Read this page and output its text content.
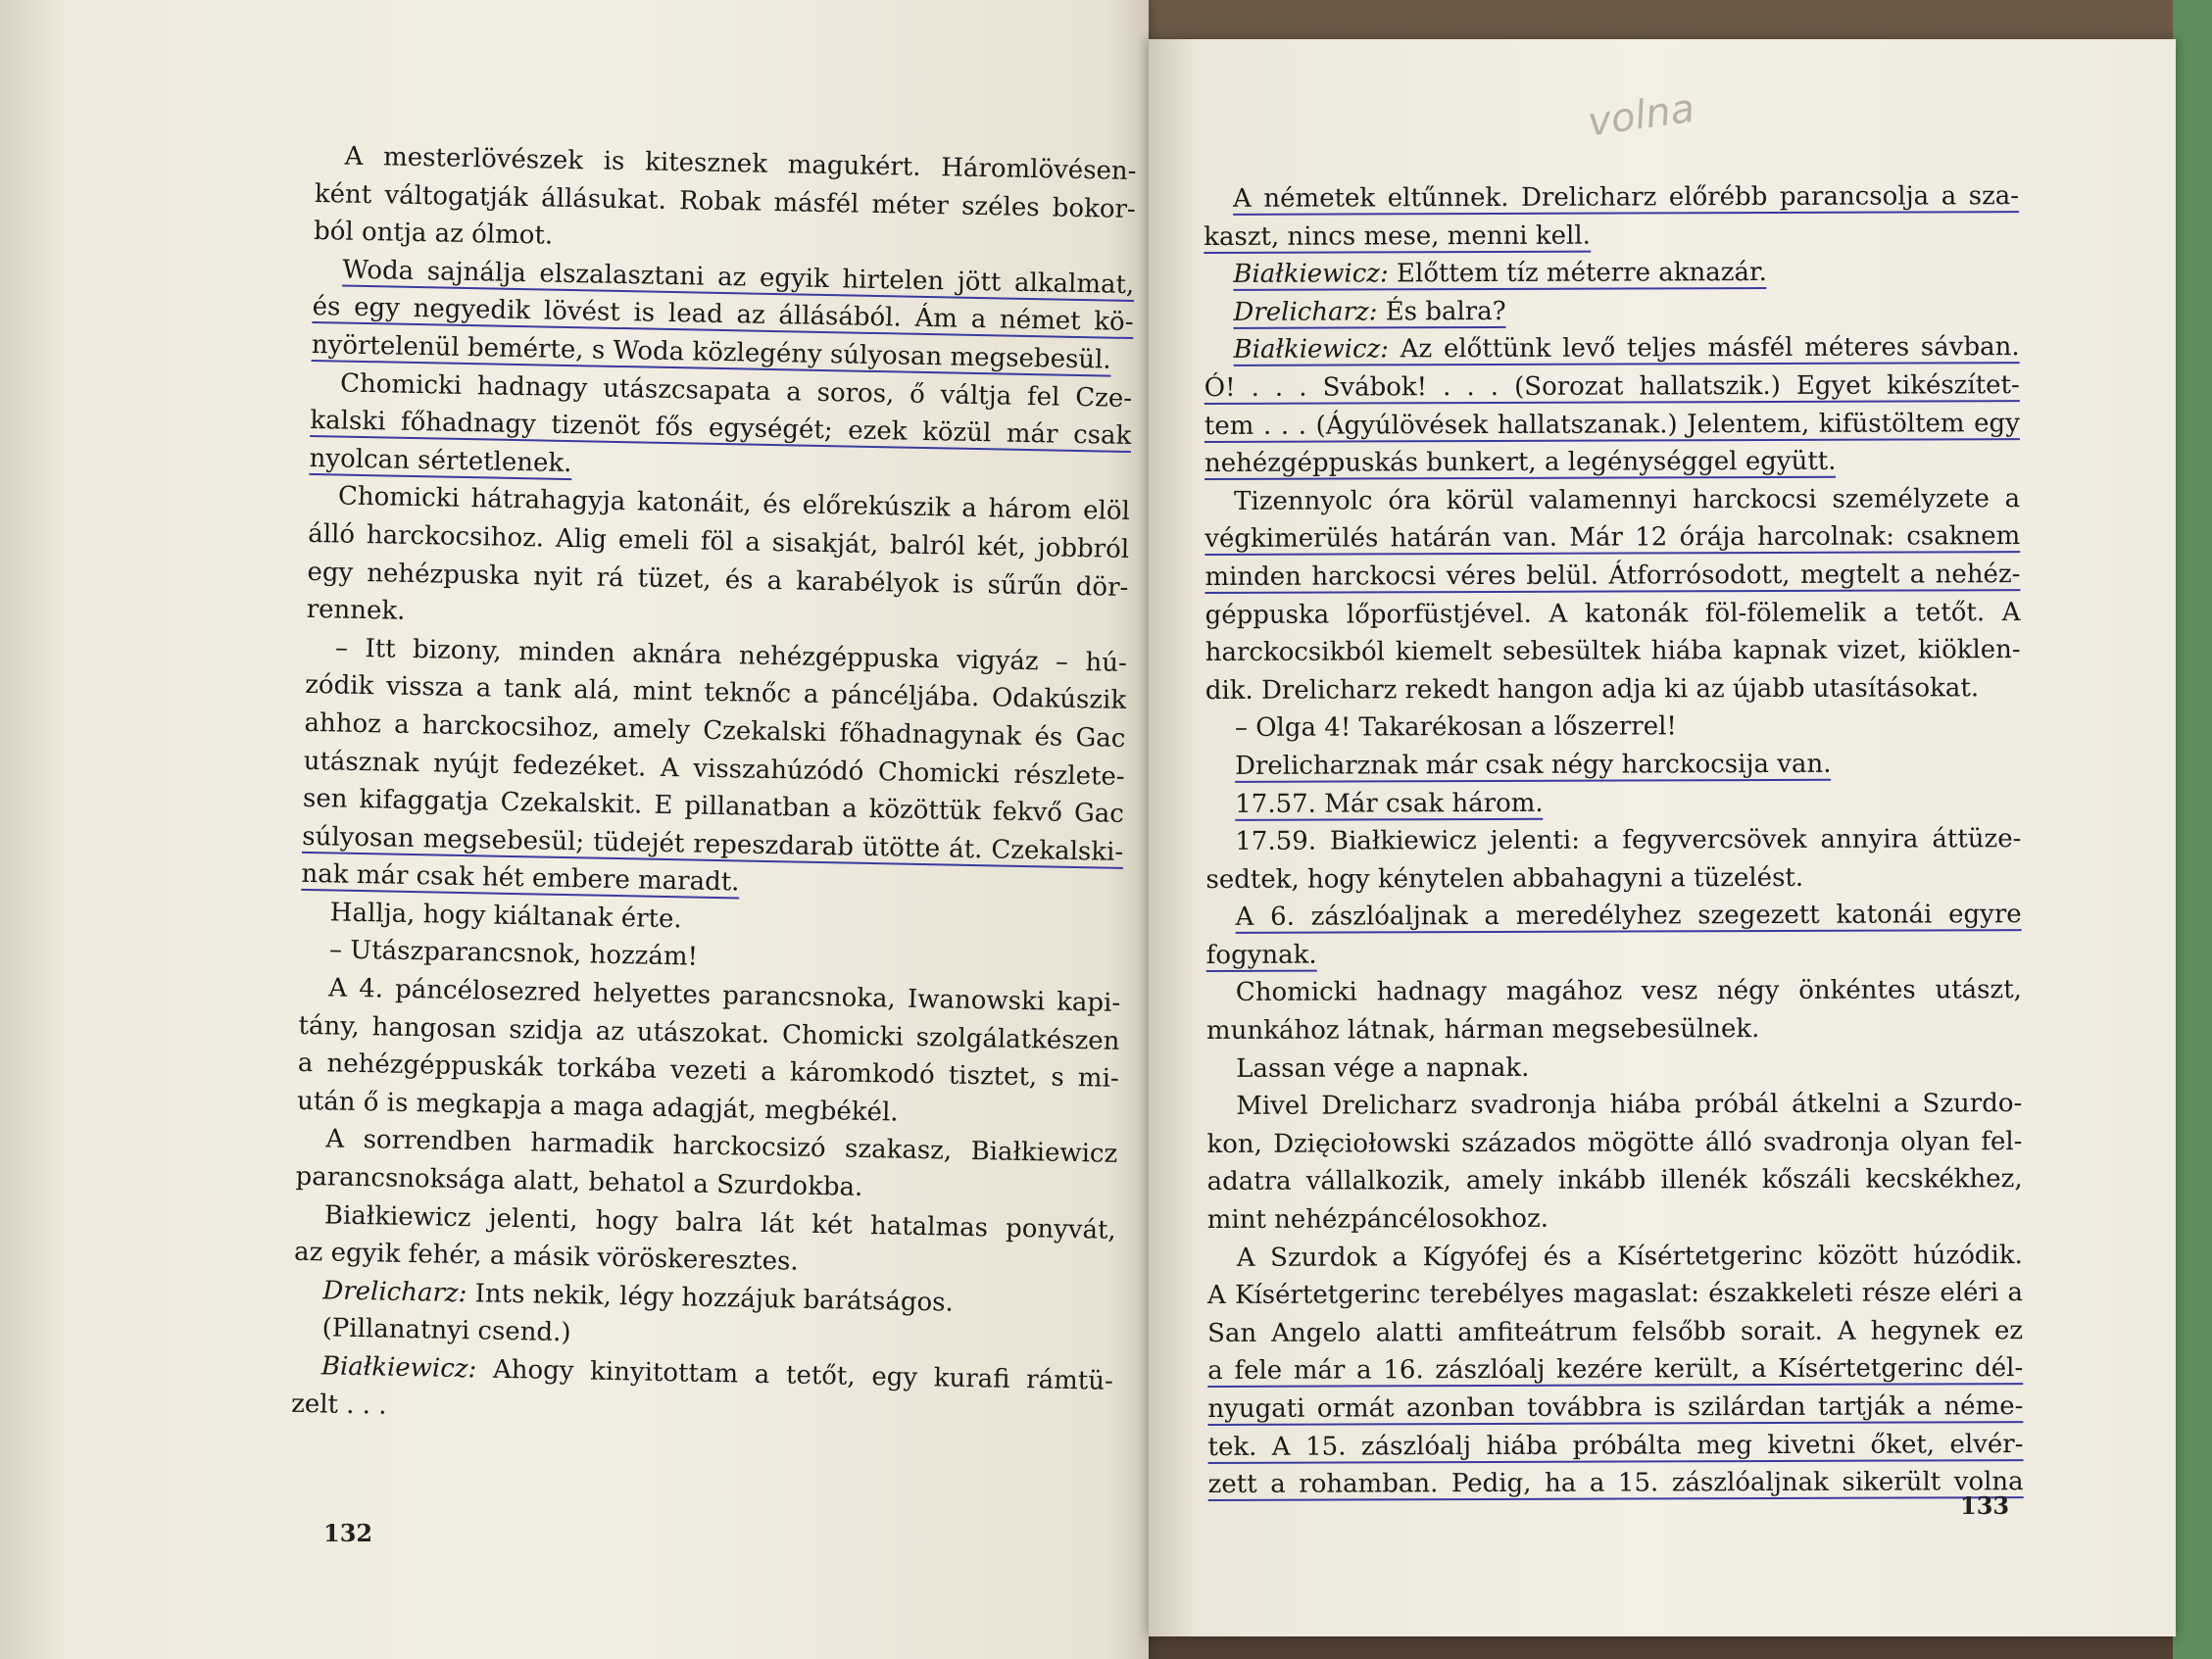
A mesterlövészek is kitesznek magukért. Háromlövésen-
ként váltogatják állásukat. Robak másfél méter széles bokor-
ból ontja az ólmot.
Woda sajnálja elszalasztani az egyik hirtelen jött alkalmat,
és egy negyedik lövést is lead az állásából. Ám a német kö-
nyörtelenül bemérte, s Woda közlegény súlyosan megsebesül.
Chomicki hadnagy utászcsapata a soros, ő váltja fel Cze-
kalski főhadnagy tizenöt fős egységét; ezek közül már csak
nyolcan sértetlenek.
Chomicki hátrahagyja katonáit, és előrekúszik a három elöl
álló harckocsihoz. Alig emeli föl a sisakját, balról két, jobbról
egy nehézpuska nyit rá tüzet, és a karabélyok is sűrűn dör-
rennek.
– Itt bizony, minden aknára nehézgéppuska vigyáz – hú-
zódik vissza a tank alá, mint teknőc a páncéljába. Odakúszik
ahhoz a harckocsihoz, amely Czekalski főhadnagynak és Gac
utásznak nyújt fedezéket. A visszahúzódó Chomicki részlete-
sen kifaggatja Czekalskit. E pillanatban a közöttük fekvő Gac
súlyosan megsebesül; tüdejét repeszdarab ütötte át. Czekalski-
nak már csak hét embere maradt.
Hallja, hogy kiáltanak érte.
– Utászparancsnok, hozzám!
A 4. páncélosezred helyettes parancsnoka, Iwanowski kapi-
tány, hangosan szidja az utászokat. Chomicki szolgálatkészen
a nehézgéppuskák torkába vezeti a káromkodó tisztet, s mi-
után ő is megkapja a maga adagját, megbékél.
A sorrendben harmadik harckocsizó szakasz, Białkiewicz
parancsnoksága alatt, behatol a Szurdokba.
Białkiewicz jelenti, hogy balra lát két hatalmas ponyvát,
az egyik fehér, a másik vöröskeresztes.
Drelicharz: Ints nekik, légy hozzájuk barátságos.
(Pillanatnyi csend.)
Białkiewicz: Ahogy kinyitottam a tetőt, egy kurafi rámtü-
zelt . . .
A németek eltűnnek. Drelicharz előrébb parancsolja a sza-
kaszt, nincs mese, menni kell.
Białkiewicz: Előttem tíz méterre aknazár.
Drelicharz: És balra?
Białkiewicz: Az előttünk levő teljes másfél méteres sávban.
Ó! . . . Svábok! . . . (Sorozat hallatszik.) Egyet kikészítet-
tem . . . (Ágyúlövések hallatszanak.) Jelentem, kifüstöltem egy
nehézgéppuskás bunkert, a legénységgel együtt.
Tizennyolc óra körül valamennyi harckocsi személyzete a
végkimerülés határán van. Már 12 órája harcolnak: csaknem
minden harckocsi véres belül. Átforrósodott, megtelt a nehéz-
géppuska lőporfüstjével. A katonák föl-fölemelik a tetőt. A
harckocsikból kiemelt sebesültek hiába kapnak vizet, kiöklen-
dik. Drelicharz rekedt hangon adja ki az újabb utasításokat.
– Olga 4! Takarékosan a lőszerrel!
Drelicharznak már csak négy harckocsija van.
17.57. Már csak három.
17.59. Białkiewicz jelenti: a fegyvercsövek annyira áttüze-
sedtek, hogy kénytelen abbahagyni a tüzelést.
A 6. zászlóaljnak a meredélyhez szegezett katonái egyre
fogynak.
Chomicki hadnagy magához vesz négy önkéntes utászt,
munkához látnak, hárman megsebesülnek.
Lassan vége a napnak.
Mivel Drelicharz svadronja hiába próbál átkelni a Szurdo-
kon, Dzięciołowski százados mögötte álló svadronja olyan fel-
adatra vállalkozik, amely inkább illenék kőszáli kecskékhez,
mint nehézpáncélosokhoz.
A Szurdok a Kígyófej és a Kísértetgerinc között húzódik.
A Kísértetgerinc terebélyes magaslat: északkeleti része eléri a
San Angelo alatti amfiteátrum felsőbb sorait. A hegynek ez
a fele már a 16. zászlóalj kezére került, a Kísértetgerinc dél-
nyugati ormát azonban továbbra is szilárdan tartják a néme-
tek. A 15. zászlóalj hiába próbálta meg kivetni őket, elvér-
zett a rohamban. Pedig, ha a 15. zászlóaljnak sikerült volna
volna
132
133
